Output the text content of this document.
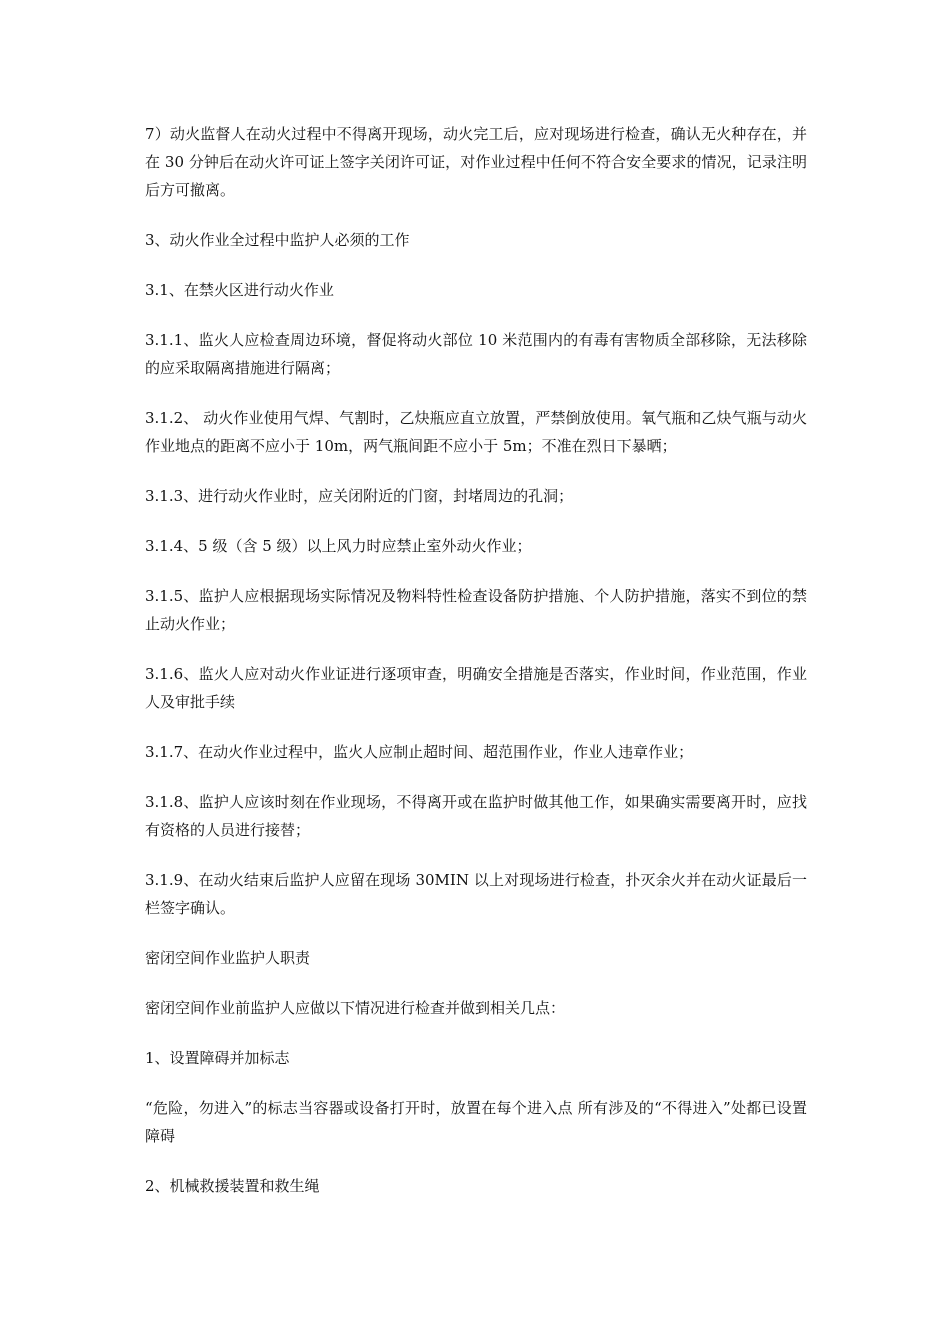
7）动火监督人在动火过程中不得离开现场，动火完工后，应对现场进行检查，确认无火种存在，并在 30 分钟后在动火许可证上签字关闭许可证，对作业过程中任何不符合安全要求的情况，记录注明后方可撤离。

3、动火作业全过程中监护人必须的工作

3.1、在禁火区进行动火作业

3.1.1、监火人应检查周边环境，督促将动火部位 10 米范围内的有毒有害物质全部移除，无法移除的应采取隔离措施进行隔离；

3.1.2、 动火作业使用气焊、气割时，乙炔瓶应直立放置，严禁倒放使用。氧气瓶和乙炔气瓶与动火作业地点的距离不应小于 10m，两气瓶间距不应小于 5m；不准在烈日下暴晒；

3.1.3、进行动火作业时，应关闭附近的门窗，封堵周边的孔洞；

3.1.4、5 级（含 5 级）以上风力时应禁止室外动火作业；

3.1.5、监护人应根据现场实际情况及物料特性检查设备防护措施、个人防护措施，落实不到位的禁止动火作业；

3.1.6、监火人应对动火作业证进行逐项审查，明确安全措施是否落实，作业时间，作业范围，作业人及审批手续

3.1.7、在动火作业过程中，监火人应制止超时间、超范围作业，作业人违章作业；

3.1.8、监护人应该时刻在作业现场，不得离开或在监护时做其他工作，如果确实需要离开时，应找有资格的人员进行接替；

3.1.9、在动火结束后监护人应留在现场 30MIN 以上对现场进行检查，扑灭余火并在动火证最后一栏签字确认。

密闭空间作业监护人职责

密闭空间作业前监护人应做以下情况进行检查并做到相关几点：

1、设置障碍并加标志

“危险，勿进入”的标志当容器或设备打开时，放置在每个进入点 所有涉及的“不得进入”处都已设置障碍

2、机械救援装置和救生绳
